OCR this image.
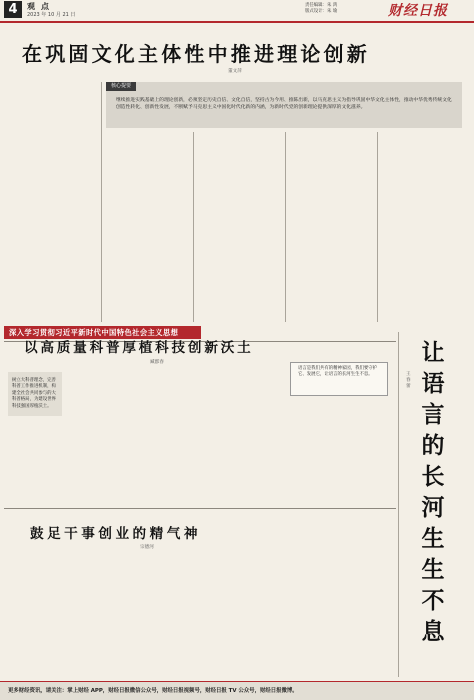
4	观点
2023 年 10 月 21 日
责任编辑：朱 鸿
版式设计：朱 瑜	财经日报
在巩固文化主体性中推进理论创新
董文萍
核心提要
继续推进实践基础上的理论创新，必须坚定历史自信、文化自信，坚持古为今用、推陈出新，以马克思主义为指导巩固中华文化主体性，推动中华优秀传统文化创造性转化、创新性发展，不断赋予马克思主义中国化时代化新的内涵，为新时代党的创新理论提供深厚的文化滋养。
深入学习贯彻习近平新时代中国特色社会主义思想
以高质量科普厚植科技创新沃土
臧郡春
树立大科普理念，完善科普工作推进机制，构建全社会共同参与的大科普格局，为建设世界科技强国厚植沃土。
鼓足干事创业的精气神
宗德河
让语言的长河生生不息
王春蕾
语言是我们共有的精神家园，我们要守护它、发展它，让语言的长河生生不息。
更多财经资讯，请关注：掌上财经 APP，财经日报微信公众号，财经日报视频号，财经日报 TV 公众号，财经日报微博。
